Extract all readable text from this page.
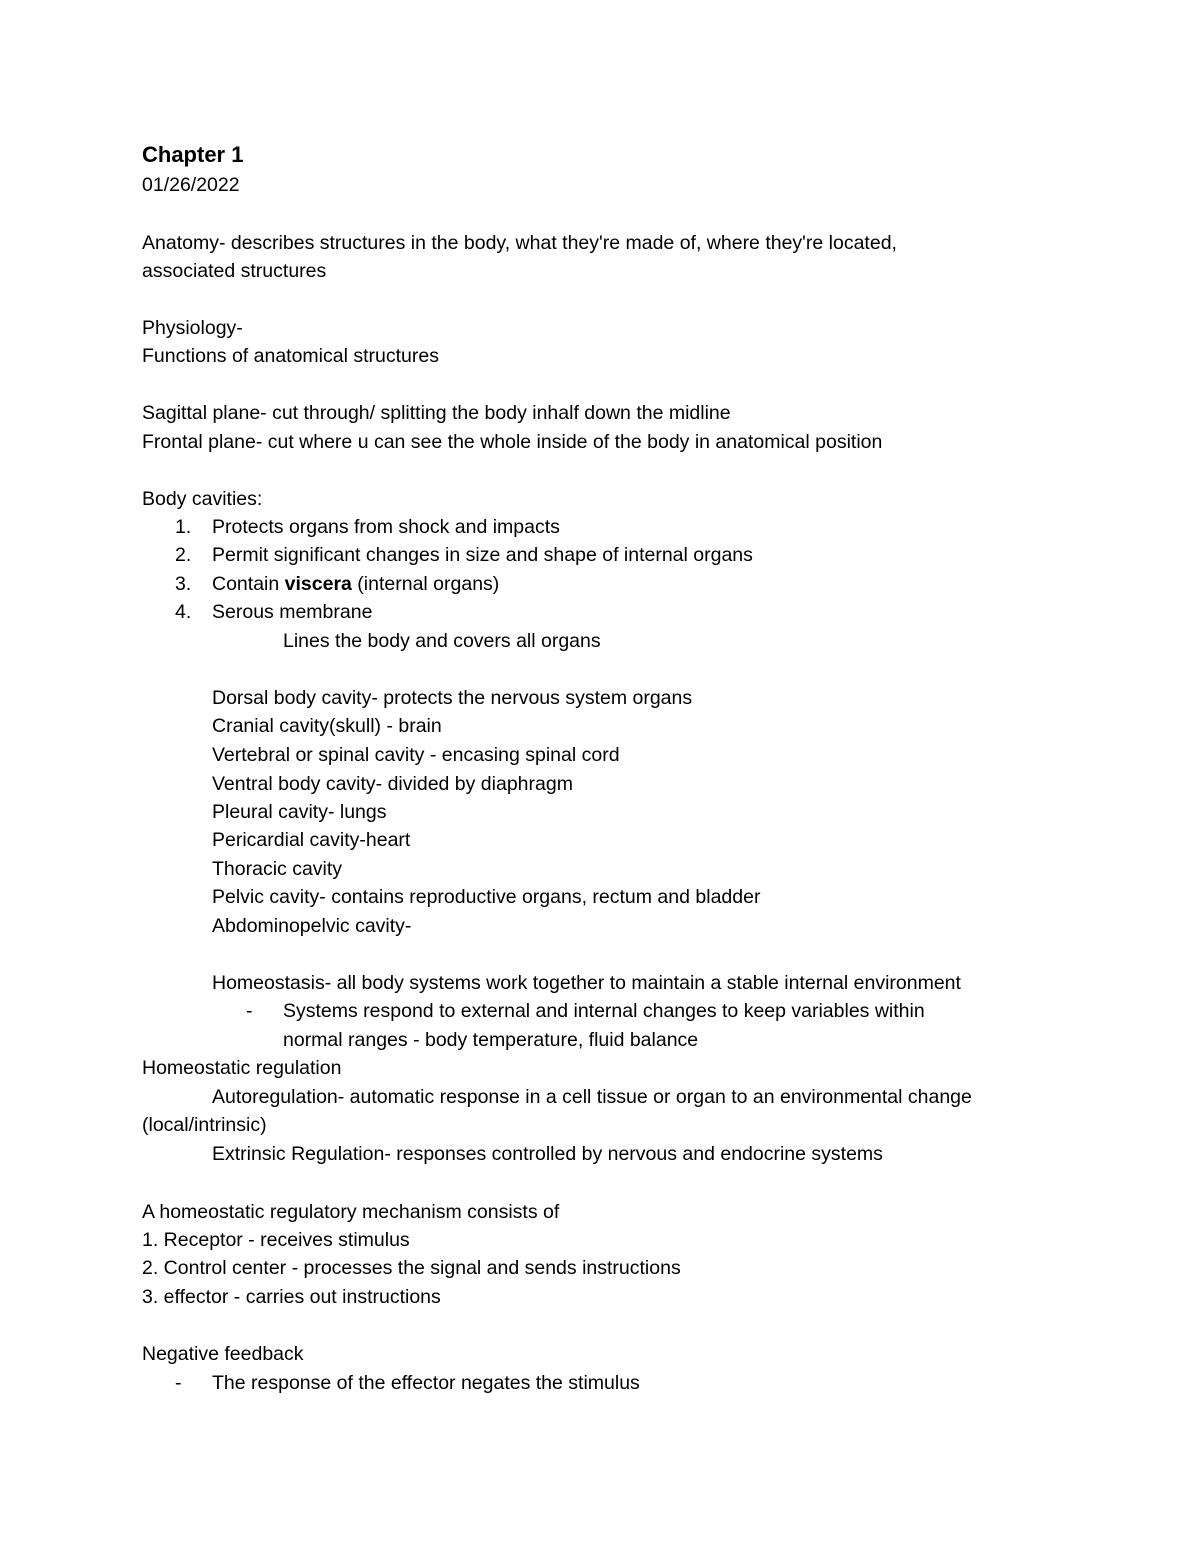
Chapter 1
01/26/2022
Anatomy- describes structures in the body, what they're made of, where they're located,
associated structures
Physiology-
Functions of anatomical structures
Sagittal plane- cut through/ splitting the body inhalf down the midline
Frontal plane- cut where u can see the whole inside of the body in anatomical position
Body cavities:
1. Protects organs from shock and impacts
2. Permit significant changes in size and shape of internal organs
3. Contain viscera (internal organs)
4. Serous membrane
Lines the body and covers all organs
Dorsal body cavity- protects the nervous system organs
Cranial cavity(skull) - brain
Vertebral or spinal cavity - encasing spinal cord
Ventral body cavity- divided by diaphragm
Pleural cavity- lungs
Pericardial cavity-heart
Thoracic cavity
Pelvic cavity- contains reproductive organs, rectum and bladder
Abdominopelvic cavity-
Homeostasis- all body systems work together to maintain a stable internal environment
- Systems respond to external and internal changes to keep variables within
normal ranges - body temperature, fluid balance
Homeostatic regulation
Autoregulation- automatic response in a cell tissue or organ to an environmental change
(local/intrinsic)
Extrinsic Regulation- responses controlled by nervous and endocrine systems
A homeostatic regulatory mechanism consists of
1. Receptor - receives stimulus
2. Control center - processes the signal and sends instructions
3. effector - carries out instructions
Negative feedback
- The response of the effector negates the stimulus
